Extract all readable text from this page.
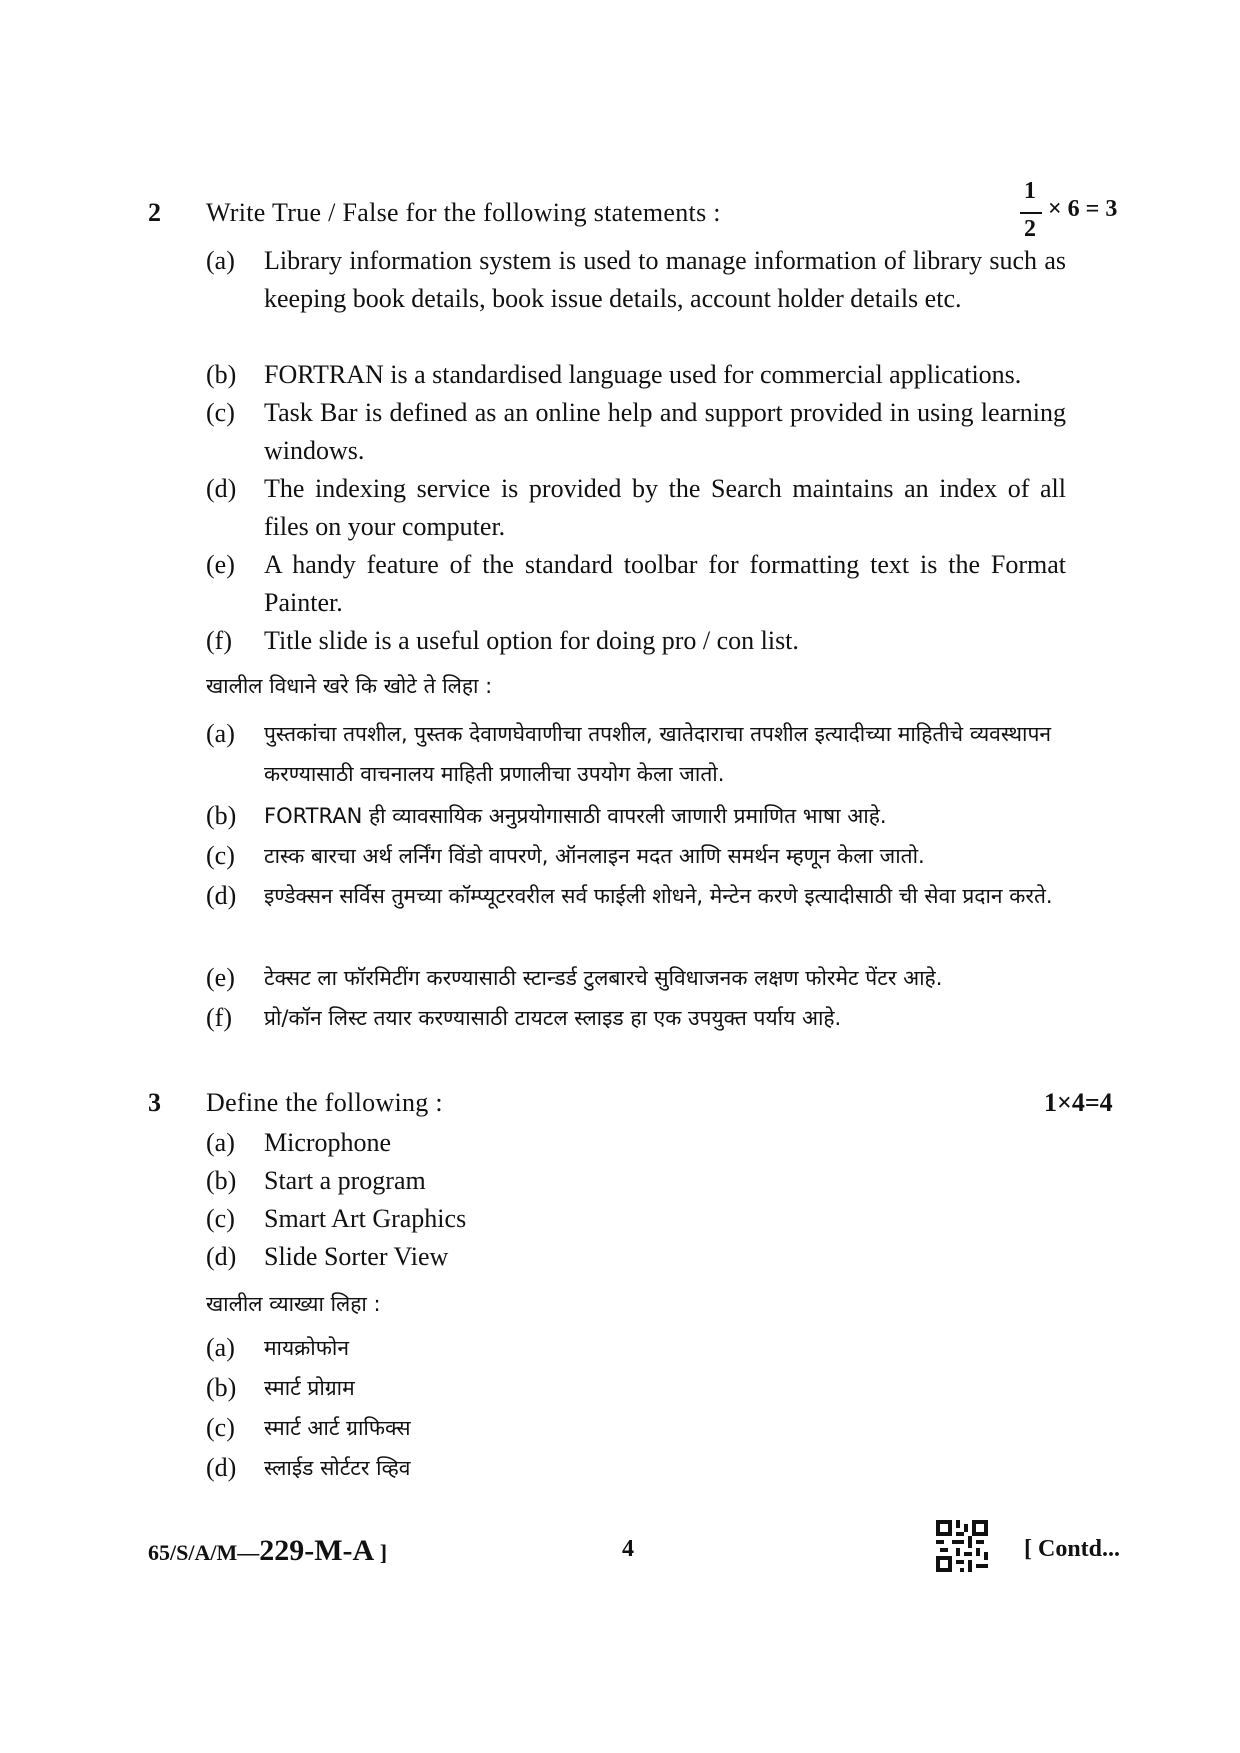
2 Write True / False for the following statements :
1
2
× 6 = 3
(a)	Library information system is used to manage information of library such as keeping book details, book issue details, account holder details etc.
(b)	FORTRAN is a standardised language used for commercial applications.
(c)	Task Bar is defined as an online help and support provided in using learning windows.
(d)	The indexing service is provided by the Search maintains an index of all files on your computer.
(e)	A handy feature of the standard toolbar for formatting text is the Format Painter.
(f)	Title slide is a useful option for doing pro / con list.
खालील विधाने खरे कि खोटे ते लिहा :
(a)	पुस्तकांचा तपशील, पुस्तक देवाणघेवाणीचा तपशील, खातेदाराचा तपशील इत्यादीच्या माहितीचे व्यवस्थापन करण्यासाठी वाचनालय माहिती प्रणालीचा उपयोग केला जातो.
(b)	FORTRAN ही व्यावसायिक अनुप्रयोगासाठी वापरली जाणारी प्रमाणित भाषा आहे.
(c)	टास्क बारचा अर्थ लर्निंग विंडो वापरणे, ऑनलाइन मदत आणि समर्थन म्हणून केला जातो.
(d)	इण्डेक्सन सर्विस तुमच्या कॉम्प्यूटरवरील सर्व फाईली शोधने, मेन्टेन करणे इत्यादीसाठी ची सेवा प्रदान करते.
(e)	टेक्सट ला फॉरमिटींग करण्यासाठी स्टान्डर्ड टुलबारचे सुविधाजनक लक्षण फोरमेट पेंटर आहे.
(f)	प्रो/कॉन लिस्ट तयार करण्यासाठी टायटल स्लाइड हा एक उपयुक्त पर्याय आहे.
3 Define the following :	1×4=4
(a)	Microphone
(b)	Start a program
(c)	Smart Art Graphics
(d)	Slide Sorter View
खालील व्याख्या लिहा :
(a)	मायक्रोफोन
(b)	स्मार्ट प्रोग्राम
(c)	स्मार्ट आर्ट ग्राफिक्स
(d)	स्लाईड सोर्टटर व्हिव
65/S/A/M—229-M-A ]	4	[ Contd...
